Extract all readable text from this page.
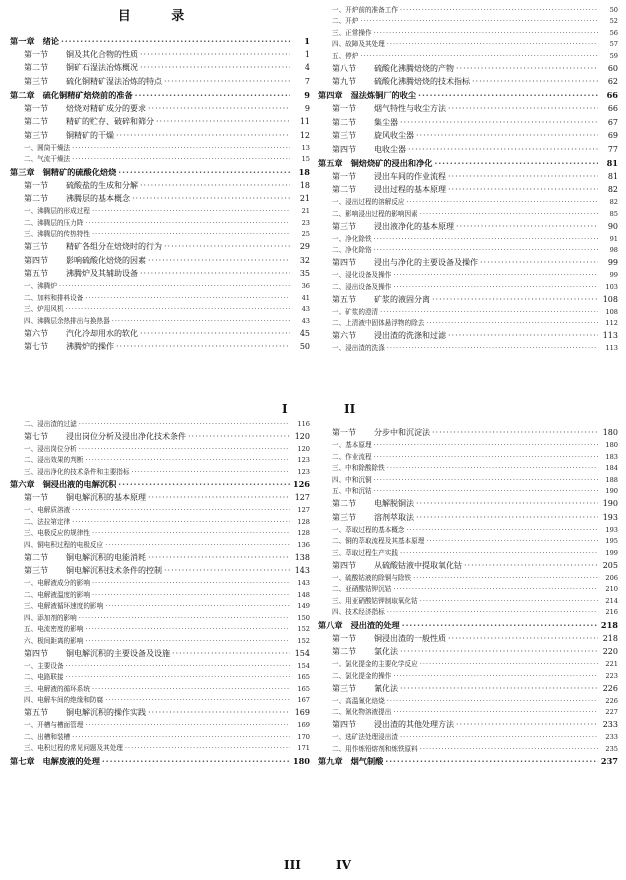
目 录
第一章 绪论 ·····	1
第一节	铜及其化合物的性质 ·····	1
第二节	铜矿石湿法冶炼概况 ·····	4
第三节	硫化铜精矿湿法冶炼的特点 ·····	7
第二章 硫化铜精矿焙烧前的准备 ·····	9
第一节	焙烧对精矿成分的要求 ·····	9
第二节	精矿的贮存、破碎和筛分 ·····	11
第三节	铜精矿的干燥 ·····	12
一、圆筒干燥法 ·····	13
二、气流干燥法 ·····	15
第三章 铜精矿的硫酸化焙烧 ·····	18
第一节	硫酸盐的生成和分解 ·····	18
第二节	沸腾层的基本概念 ·····	21
一、沸腾层的形成过程 ·····	21
二、沸腾层的压力降 ·····	23
三、沸腾层的传热特性 ·····	25
第三节	精矿各组分在焙烧时的行为 ·····	29
第四节	影响硫酸化焙烧的因素 ·····	32
第五节	沸腾炉及其辅助设备 ·····	35
一、沸腾炉 ·····	36
二、加料和排料设备 ·····	41
三、炉用风机 ·····	43
四、沸腾层余热排出与换热器 ·····	43
第六节	汽化冷却用水的软化 ·····	45
第七节	沸腾炉的操作 ·····	50
一、开炉前的准备工作 ·····	50
二、开炉 ·····	52
三、正常操作 ·····	56
四、故障及其处理 ·····	57
五、停炉 ·····	59
第八节	硫酸化沸腾焙烧的产物 ·····	60
第九节	硫酸化沸腾焙烧的技术指标 ·····	62
第四章 湿法炼铜厂的收尘 ·····	66
第一节	烟气特性与收尘方法 ·····	66
第二节	集尘器 ·····	67
第三节	旋风收尘器 ·····	69
第四节	电收尘器 ·····	77
第五章 铜焙烧矿的浸出和净化 ·····	81
第一节	浸出车间的作业流程 ·····	81
第二节	浸出过程的基本原理 ·····	82
一、浸出过程的溶解反应 ·····	82
二、影响浸出过程的影响因素 ·····	85
第三节	浸出液净化的基本原理 ·····	90
一、净化除铁 ·····	91
二、净化除铬 ·····	98
第四节	浸出与净化的主要设备及操作 ·····	99
一、浸化设备及操作 ·····	99
二、浸出设备及操作 ·····	103
第五节	矿浆的液固分离 ·····	108
一、矿浆的澄清 ·····	108
二、上清液中固体悬浮物的除去 ·····	112
第六节	浸出渣的洗涤和过滤 ·····	113
一、浸出渣的洗涤 ·····	113
二、浸出渣的过滤 ·····	116
第七节	浸出岗位分析及浸出净化技术条件 ·····	120
一、浸出岗位分析 ·····	120
二、浸出效果的判断 ·····	123
三、浸出净化的技术条件和主要指标 ·····	123
第六章 铜浸出液的电解沉积 ·····	126
第一节	铜电解沉积的基本原理 ·····	127
一、电解质溶液 ·····	127
二、法拉第定律 ·····	128
三、电极反应的规律性 ·····	128
四、铜电积过程的电极反应 ·····	136
第二节	铜电解沉积的电能消耗 ·····	138
第三节	铜电解沉积技术条件的控制 ·····	143
一、电解液成分的影响 ·····	143
二、电解液温度的影响 ·····	148
三、电解液循环速度的影响 ·····	149
四、添加剂的影响 ·····	150
五、电流密度的影响 ·····	152
六、极间距离的影响 ·····	152
第四节	铜电解沉积的主要设备及设施 ·····	154
一、主要设备 ·····	154
二、电路联接 ·····	165
三、电解液的循环系统 ·····	165
四、电解车间的绝缘和防腐 ·····	167
第五节	铜电解沉积的操作实践 ·····	169
一、开槽与槽面管理 ·····	169
二、出槽和装槽 ·····	170
三、电积过程的常见问题及其处理 ·····	171
第七章 电解废液的处理 ·····	180
第一节	分步中和沉淀法 ·····	180
一、基本原理 ·····	180
二、作业流程 ·····	183
三、中和除酸除铁 ·····	184
四、中和沉铜 ·····	188
五、中和沉钴 ·····	190
第二节	电解脱铜法 ·····	190
第三节	溶剂萃取法 ·····	193
一、萃取过程的基本概念 ·····	193
二、铜的萃取流程及其基本原理 ·····	195
三、萃取过程生产实践 ·····	199
第四节	从硫酸钴液中提取氧化钴 ·····	205
一、硫酸钴液的除铜与除铁 ·····	206
二、亚硝酸钴钾沉钴 ·····	210
三、用亚硝酸钴钾制取氧化钴 ·····	214
四、技术经济指标 ·····	216
第八章 浸出渣的处理 ·····	218
第一节	铜浸出渣的一般性质 ·····	218
第二节	氯化法 ·····	220
一、氯化提金的主要化学反应 ·····	221
二、氯化提金的操作 ·····	223
第三节	氰化法 ·····	226
一、高温氰化焙烧 ·····	226
二、氰化物溶液提出 ·····	227
第四节	浸出渣的其他处理方法 ·····	233
一、选矿法处理浸出渣 ·····	233
二、用作炼铅熔剂和炼铁原料 ·····	235
第九章 烟气制酸 ·····	237
I	II
III	IV
